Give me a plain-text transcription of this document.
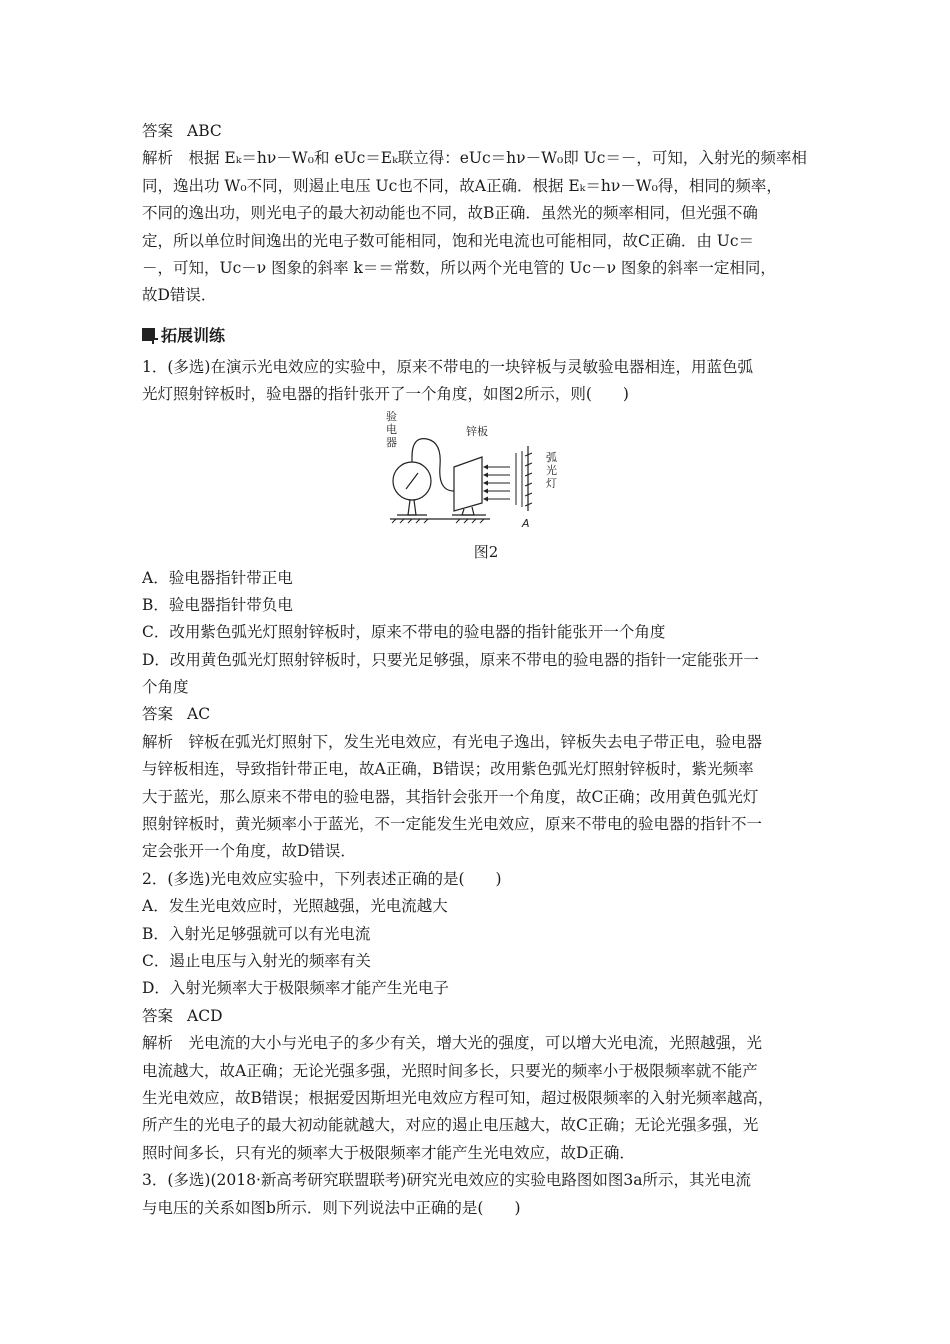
答案 ABC
解析　根据 Eₖ＝hν－W₀和 eUc＝Eₖ联立得：eUc＝hν－W₀即 Uc＝－，可知，入射光的频率相
同，逸出功 W₀不同，则遏止电压 Uc也不同，故A正确．根据 Eₖ＝hν－W₀得，相同的频率，
不同的逸出功，则光电子的最大初动能也不同，故B正确．虽然光的频率相同，但光强不确
定，所以单位时间逸出的光电子数可能相同，饱和光电流也可能相同，故C正确．由 Uc＝
－，可知，Uc－ν 图象的斜率 k＝＝常数，所以两个光电管的 Uc－ν 图象的斜率一定相同，
故D错误．
拓展训练
1．(多选)在演示光电效应的实验中，原来不带电的一块锌板与灵敏验电器相连，用蓝色弧
光灯照射锌板时，验电器的指针张开了一个角度，如图2所示，则(　　)
验
电
器
锌板
弧
光
灯
A
图2
A．验电器指针带正电
B．验电器指针带负电
C．改用紫色弧光灯照射锌板时，原来不带电的验电器的指针能张开一个角度
D．改用黄色弧光灯照射锌板时，只要光足够强，原来不带电的验电器的指针一定能张开一
个角度
答案 AC
解析　锌板在弧光灯照射下，发生光电效应，有光电子逸出，锌板失去电子带正电，验电器
与锌板相连，导致指针带正电，故A正确，B错误；改用紫色弧光灯照射锌板时，紫光频率
大于蓝光，那么原来不带电的验电器，其指针会张开一个角度，故C正确；改用黄色弧光灯
照射锌板时，黄光频率小于蓝光，不一定能发生光电效应，原来不带电的验电器的指针不一
定会张开一个角度，故D错误．
2．(多选)光电效应实验中，下列表述正确的是(　　)
A．发生光电效应时，光照越强，光电流越大
B．入射光足够强就可以有光电流
C．遏止电压与入射光的频率有关
D．入射光频率大于极限频率才能产生光电子
答案 ACD
解析　光电流的大小与光电子的多少有关，增大光的强度，可以增大光电流，光照越强，光
电流越大，故A正确；无论光强多强，光照时间多长，只要光的频率小于极限频率就不能产
生光电效应，故B错误；根据爱因斯坦光电效应方程可知，超过极限频率的入射光频率越高，
所产生的光电子的最大初动能就越大，对应的遏止电压越大，故C正确；无论光强多强，光
照时间多长，只有光的频率大于极限频率才能产生光电效应，故D正确．
3．(多选)(2018·新高考研究联盟联考)研究光电效应的实验电路图如图3a所示，其光电流
与电压的关系如图b所示．则下列说法中正确的是(　　)
